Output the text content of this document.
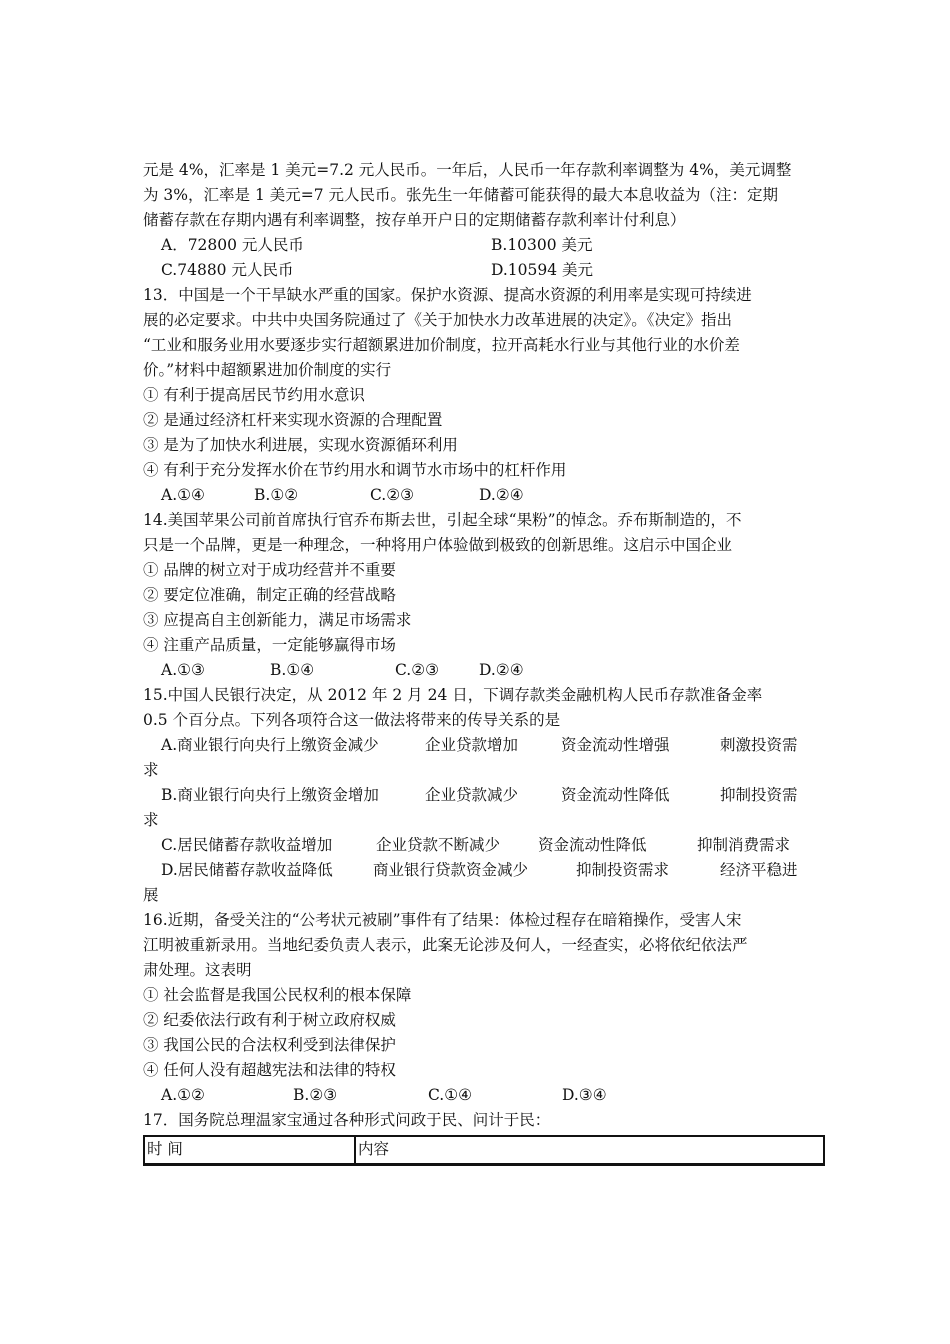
元是 4%，汇率是 1 美元=7.2 元人民币。一年后，人民币一年存款利率调整为 4%，美元调整
为 3%，汇率是 1 美元=7 元人民币。张先生一年储蓄可能获得的最大本息收益为（注：定期
储蓄存款在存期内遇有利率调整，按存单开户日的定期储蓄存款利率计付利息）
A．72800 元人民币	B.10300 美元
C.74880 元人民币	D.10594 美元
13．中国是一个干旱缺水严重的国家。保护水资源、提高水资源的利用率是实现可持续进
展的必定要求。中共中央国务院通过了《关于加快水力改革进展的决定》。《决定》指出
“工业和服务业用水要逐步实行超额累进加价制度，拉开高耗水行业与其他行业的水价差
价。”材料中超额累进加价制度的实行
① 有利于提高居民节约用水意识
② 是通过经济杠杆来实现水资源的合理配置
③ 是为了加快水利进展，实现水资源循环利用
④ 有利于充分发挥水价在节约用水和调节水市场中的杠杆作用
A.①④	B.①②	C.②③	D.②④
14.美国苹果公司前首席执行官乔布斯去世，引起全球“果粉”的悼念。乔布斯制造的，不
只是一个品牌，更是一种理念，一种将用户体验做到极致的创新思维。这启示中国企业
① 品牌的树立对于成功经营并不重要
② 要定位准确，制定正确的经营战略
③ 应提高自主创新能力，满足市场需求
④ 注重产品质量，一定能够赢得市场
A.①③	B.①④	C.②③	D.②④
15.中国人民银行决定，从 2012 年 2 月 24 日，下调存款类金融机构人民币存款准备金率
0.5 个百分点。下列各项符合这一做法将带来的传导关系的是
A.商业银行向央行上缴资金减少	企业贷款增加	资金流动性增强	刺激投资需
求
B.商业银行向央行上缴资金增加	企业贷款减少	资金流动性降低	抑制投资需
求
C.居民储蓄存款收益增加	企业贷款不断减少 资金流动性降低	抑制消费需求
D.居民储蓄存款收益降低	商业银行贷款资金减少	抑制投资需求	经济平稳进
展
16.近期，备受关注的“公考状元被刷”事件有了结果：体检过程存在暗箱操作，受害人宋
江明被重新录用。当地纪委负责人表示，此案无论涉及何人，一经查实，必将依纪依法严
肃处理。这表明
① 社会监督是我国公民权利的根本保障
② 纪委依法行政有利于树立政府权威
③ 我国公民的合法权利受到法律保护
④ 任何人没有超越宪法和法律的特权
A.①②	B.②③	C.①④	D.③④
17．国务院总理温家宝通过各种形式问政于民、问计于民：
时 间	内容
